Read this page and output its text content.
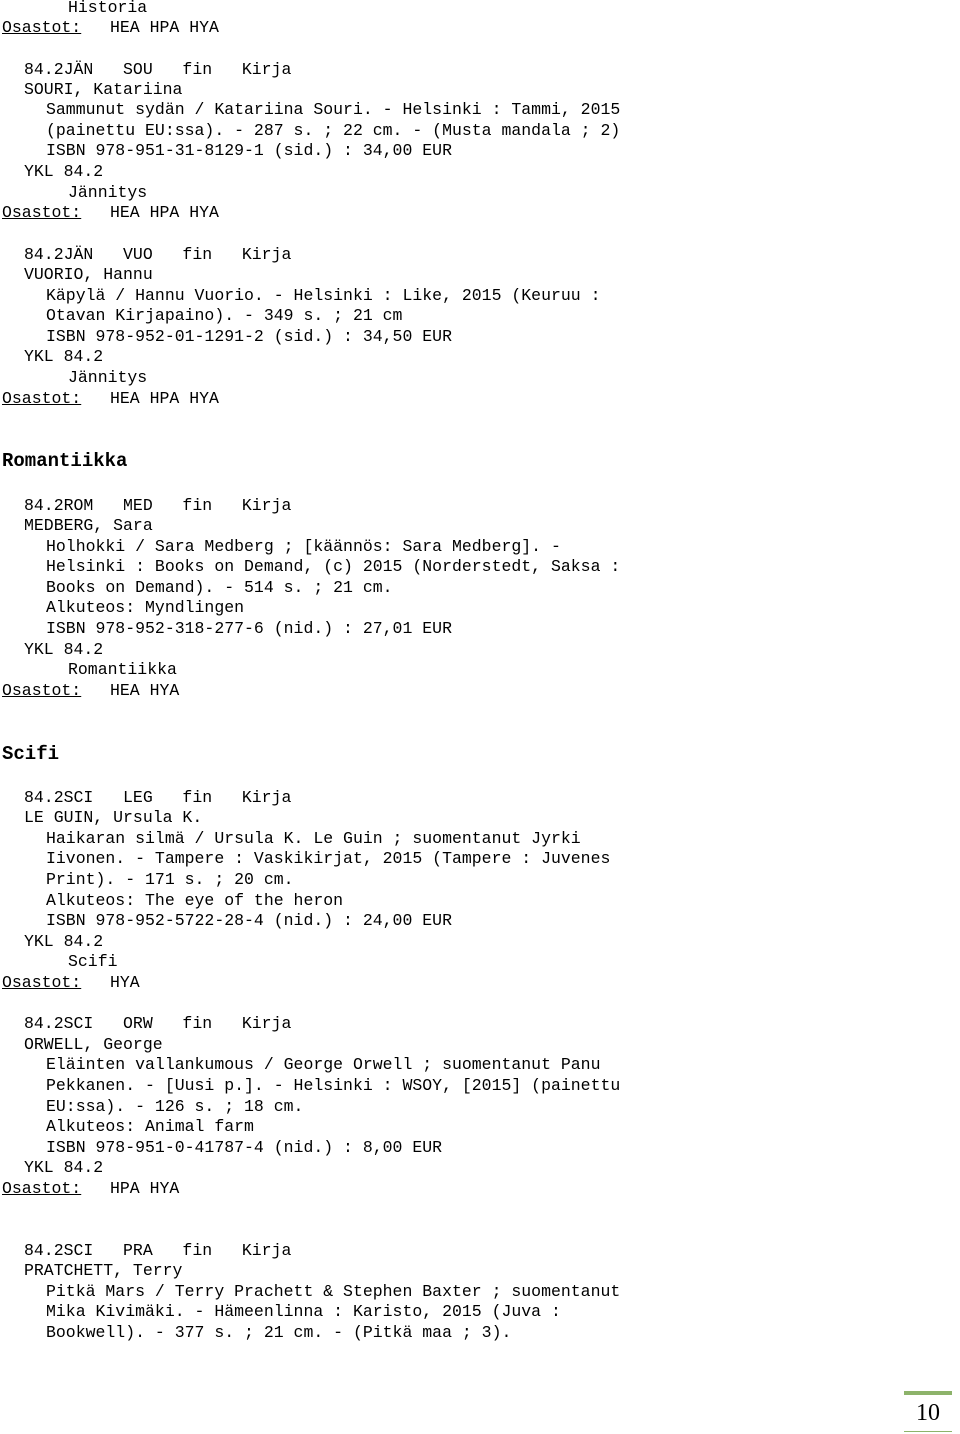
Historia
Osastot: HEA HPA HYA
84.2JÄN   SOU   fin   Kirja
SOURI, Katariina
Sammunut sydän / Katariina Souri. - Helsinki : Tammi, 2015
(painettu EU:ssa). - 287 s. ; 22 cm. - (Musta mandala ; 2)
ISBN 978-951-31-8129-1 (sid.) : 34,00 EUR
YKL 84.2
Jännitys
Osastot: HEA HPA HYA
84.2JÄN   VUO   fin   Kirja
VUORIO, Hannu
Käpylä / Hannu Vuorio. - Helsinki : Like, 2015 (Keuruu :
Otavan Kirjapaino). - 349 s. ; 21 cm
ISBN 978-952-01-1291-2 (sid.) : 34,50 EUR
YKL 84.2
Jännitys
Osastot: HEA HPA HYA
Romantiikka
84.2ROM   MED   fin   Kirja
MEDBERG, Sara
Holhokki / Sara Medberg ; [käännös: Sara Medberg]. -
Helsinki : Books on Demand, (c) 2015 (Norderstedt, Saksa :
Books on Demand). - 514 s. ; 21 cm.
Alkuteos: Myndlingen
ISBN 978-952-318-277-6 (nid.) : 27,01 EUR
YKL 84.2
Romantiikka
Osastot: HEA HYA
Scifi
84.2SCI   LEG   fin   Kirja
LE GUIN, Ursula K.
Haikaran silmä / Ursula K. Le Guin ; suomentanut Jyrki
Iivonen. - Tampere : Vaskikirjat, 2015 (Tampere : Juvenes
Print). - 171 s. ; 20 cm.
Alkuteos: The eye of the heron
ISBN 978-952-5722-28-4 (nid.) : 24,00 EUR
YKL 84.2
Scifi
Osastot: HYA
84.2SCI   ORW   fin   Kirja
ORWELL, George
Eläinten vallankumous / George Orwell ; suomentanut Panu
Pekkanen. - [Uusi p.]. - Helsinki : WSOY, [2015] (painettu
EU:ssa). - 126 s. ; 18 cm.
Alkuteos: Animal farm
ISBN 978-951-0-41787-4 (nid.) : 8,00 EUR
YKL 84.2
Osastot: HPA HYA
84.2SCI   PRA   fin   Kirja
PRATCHETT, Terry
Pitkä Mars / Terry Prachett & Stephen Baxter ; suomentanut
Mika Kivimäki. - Hämeenlinna : Karisto, 2015 (Juva :
Bookwell). - 377 s. ; 21 cm. - (Pitkä maa ; 3).
10
